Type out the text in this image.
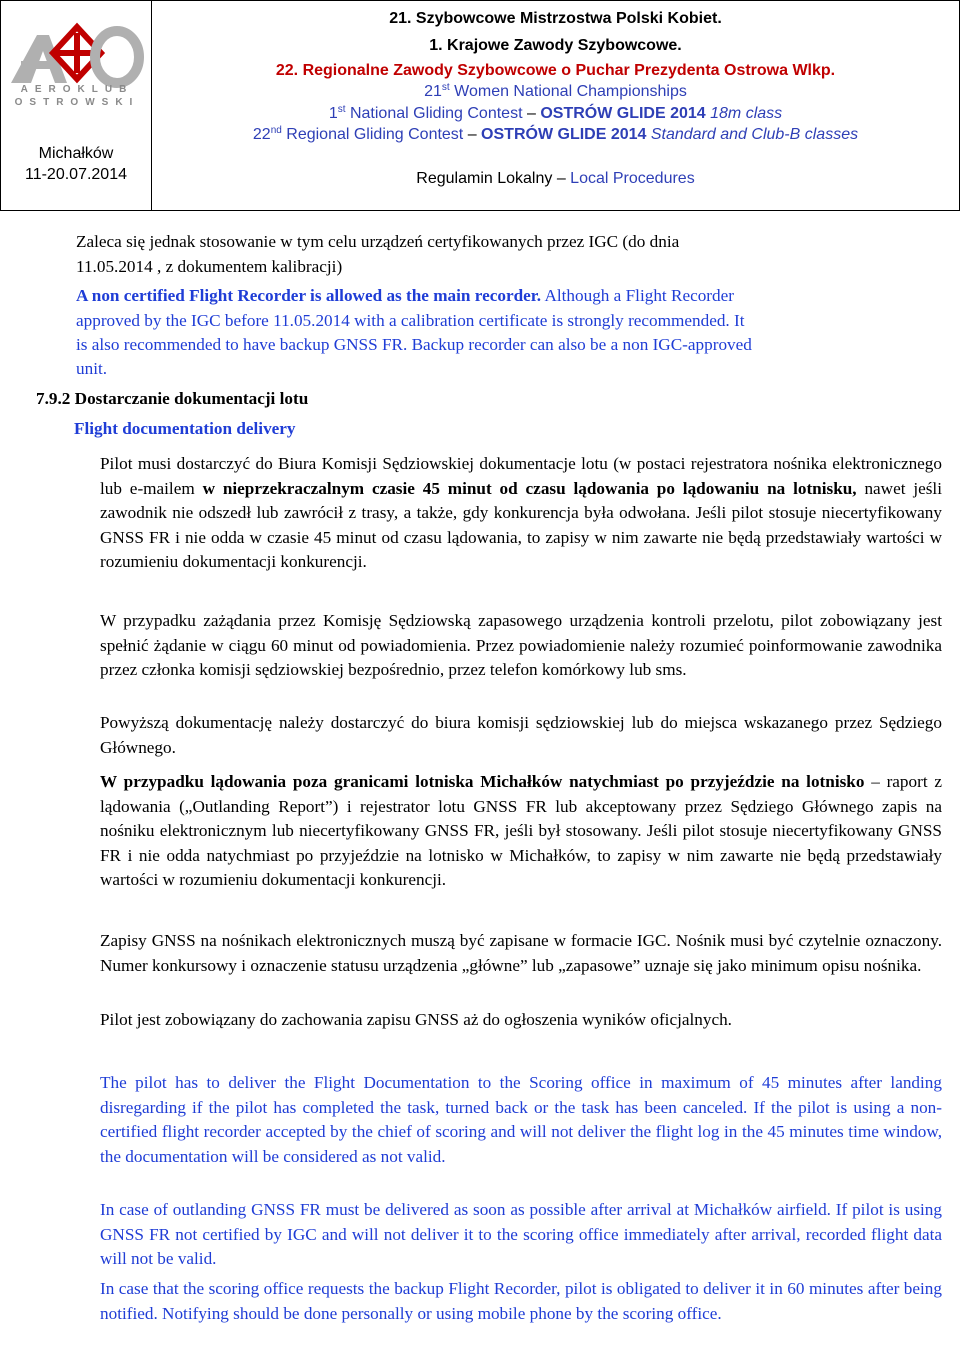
AEROKLUB
OSTROWSKI
Michałków
11-20.07.2014
21. Szybowcowe Mistrzostwa Polski Kobiet.
1. Krajowe Zawody Szybowcowe.
22. Regionalne Zawody Szybowcowe o Puchar Prezydenta Ostrowa Wlkp.
21st Women National Championships
1st National Gliding Contest – OSTRÓW GLIDE 2014 18m class
22nd Regional Gliding Contest – OSTRÓW GLIDE 2014 Standard and Club-B classes
Regulamin Lokalny – Local Procedures
Zaleca się jednak stosowanie w tym celu urządzeń certyfikowanych przez IGC (do dnia
11.05.2014 , z dokumentem kalibracji)
A non certified Flight Recorder is allowed as the main recorder. Although a Flight Recorder
approved by the IGC before 11.05.2014 with a calibration certificate is strongly recommended. It
is also recommended to have backup GNSS FR. Backup recorder can also be a non IGC-approved
unit.
7.9.2 Dostarczanie dokumentacji lotu
Flight documentation delivery
Pilot musi dostarczyć do Biura Komisji Sędziowskiej dokumentacje lotu (w postaci rejestratora nośnika elektronicznego lub e-mailem w nieprzekraczalnym czasie 45 minut od czasu lądowania po lądowaniu na lotnisku, nawet jeśli zawodnik nie odszedł lub zawrócił z trasy, a także, gdy konkurencja była odwołana. Jeśli pilot stosuje niecertyfikowany GNSS FR i nie odda w czasie 45 minut od czasu lądowania, to zapisy w nim zawarte nie będą przedstawiały wartości w rozumieniu dokumentacji konkurencji.
W przypadku zażądania przez Komisję Sędziowską zapasowego urządzenia kontroli przelotu, pilot zobowiązany jest spełnić żądanie w ciągu 60 minut od powiadomienia. Przez powiadomienie należy rozumieć poinformowanie zawodnika przez członka komisji sędziowskiej bezpośrednio, przez telefon komórkowy lub sms.
Powyższą dokumentację należy dostarczyć do biura komisji sędziowskiej lub do miejsca wskazanego przez Sędziego Głównego.
W przypadku lądowania poza granicami lotniska Michałków natychmiast po przyjeździe na lotnisko – raport z lądowania („Outlanding Report”) i rejestrator lotu GNSS FR lub akceptowany przez Sędziego Głównego zapis na nośniku elektronicznym lub niecertyfikowany GNSS FR, jeśli był stosowany. Jeśli pilot stosuje niecertyfikowany GNSS FR i nie odda natychmiast po przyjeździe na lotnisko w Michałków, to zapisy w nim zawarte nie będą przedstawiały wartości w rozumieniu dokumentacji konkurencji.
Zapisy GNSS na nośnikach elektronicznych muszą być zapisane w formacie IGC. Nośnik musi być czytelnie oznaczony. Numer konkursowy i oznaczenie statusu urządzenia „główne” lub „zapasowe” uznaje się jako minimum opisu nośnika.
Pilot jest zobowiązany do zachowania zapisu GNSS aż do ogłoszenia wyników oficjalnych.
The pilot has to deliver the Flight Documentation to the Scoring office in maximum of 45 minutes after landing disregarding if the pilot has completed the task, turned back or the task has been canceled. If the pilot is using a non-certified flight recorder accepted by the chief of scoring and will not deliver the flight log in the 45 minutes time window, the documentation will be considered as not valid.
In case of outlanding GNSS FR must be delivered as soon as possible after arrival at Michałków airfield. If pilot is using GNSS FR not certified by IGC and will not deliver it to the scoring office immediately after arrival, recorded flight data will not be valid.
In case that the scoring office requests the backup Flight Recorder, pilot is obligated to deliver it in 60 minutes after being notified. Notifying should be done personally or using mobile phone by the scoring office.
